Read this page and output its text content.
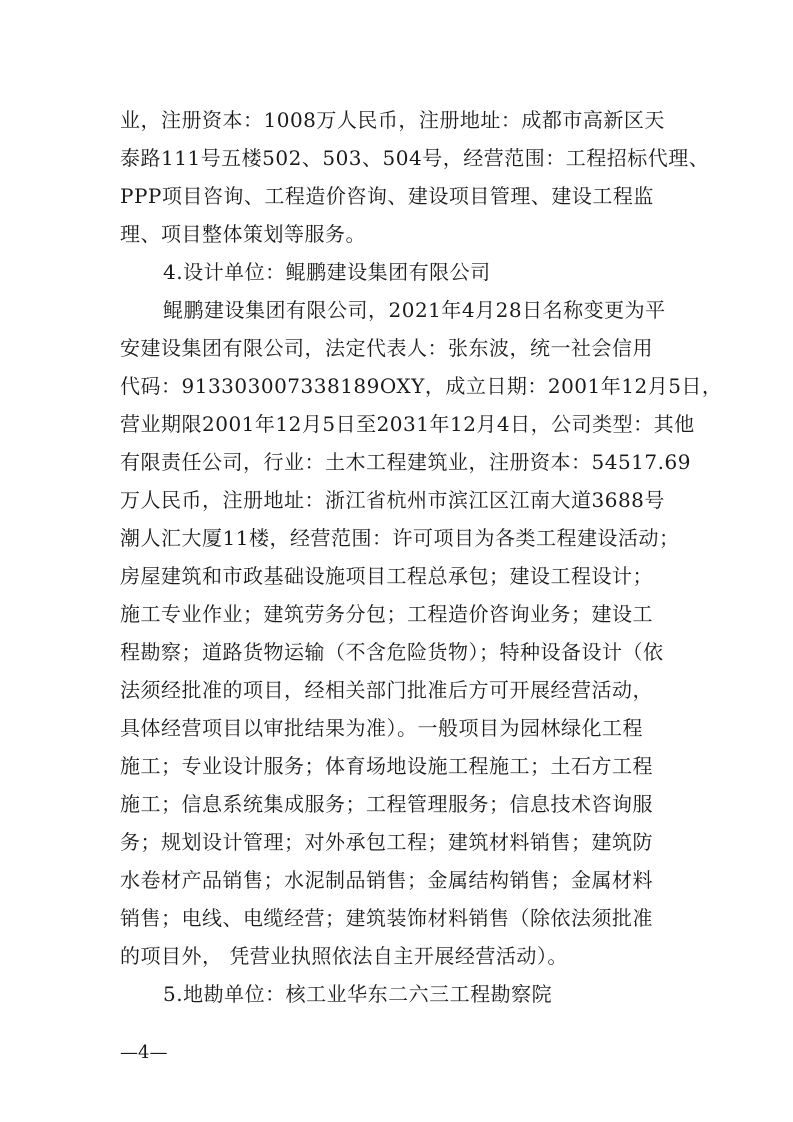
业，注册资本：1008万人民币，注册地址：成都市高新区天

泰路111号五楼502、503、504号，经营范围：工程招标代理、

PPP项目咨询、工程造价咨询、建设项目管理、建设工程监

理、项目整体策划等服务。

4.设计单位：鲲鹏建设集团有限公司

鲲鹏建设集团有限公司，2021年4月28日名称变更为平

安建设集团有限公司，法定代表人：张东波，统一社会信用

代码：913303007338189OXY，成立日期：2001年12月5日，

营业期限2001年12月5日至2031年12月4日，公司类型：其他

有限责任公司，行业：土木工程建筑业，注册资本：54517.69

万人民币，注册地址：浙江省杭州市滨江区江南大道3688号

潮人汇大厦11楼，经营范围：许可项目为各类工程建设活动；

房屋建筑和市政基础设施项目工程总承包；建设工程设计；

施工专业作业；建筑劳务分包；工程造价咨询业务；建设工

程勘察；道路货物运输（不含危险货物）；特种设备设计（依

法须经批准的项目，经相关部门批准后方可开展经营活动，

具体经营项目以审批结果为准）。一般项目为园林绿化工程

施工；专业设计服务；体育场地设施工程施工；土石方工程

施工；信息系统集成服务；工程管理服务；信息技术咨询服

务；规划设计管理；对外承包工程；建筑材料销售；建筑防

水卷材产品销售；水泥制品销售；金属结构销售；金属材料

销售；电线、电缆经营；建筑装饰材料销售（除依法须批准

的项目外， 凭营业执照依法自主开展经营活动）。

5.地勘单位：核工业华东二六三工程勘察院

—4—
